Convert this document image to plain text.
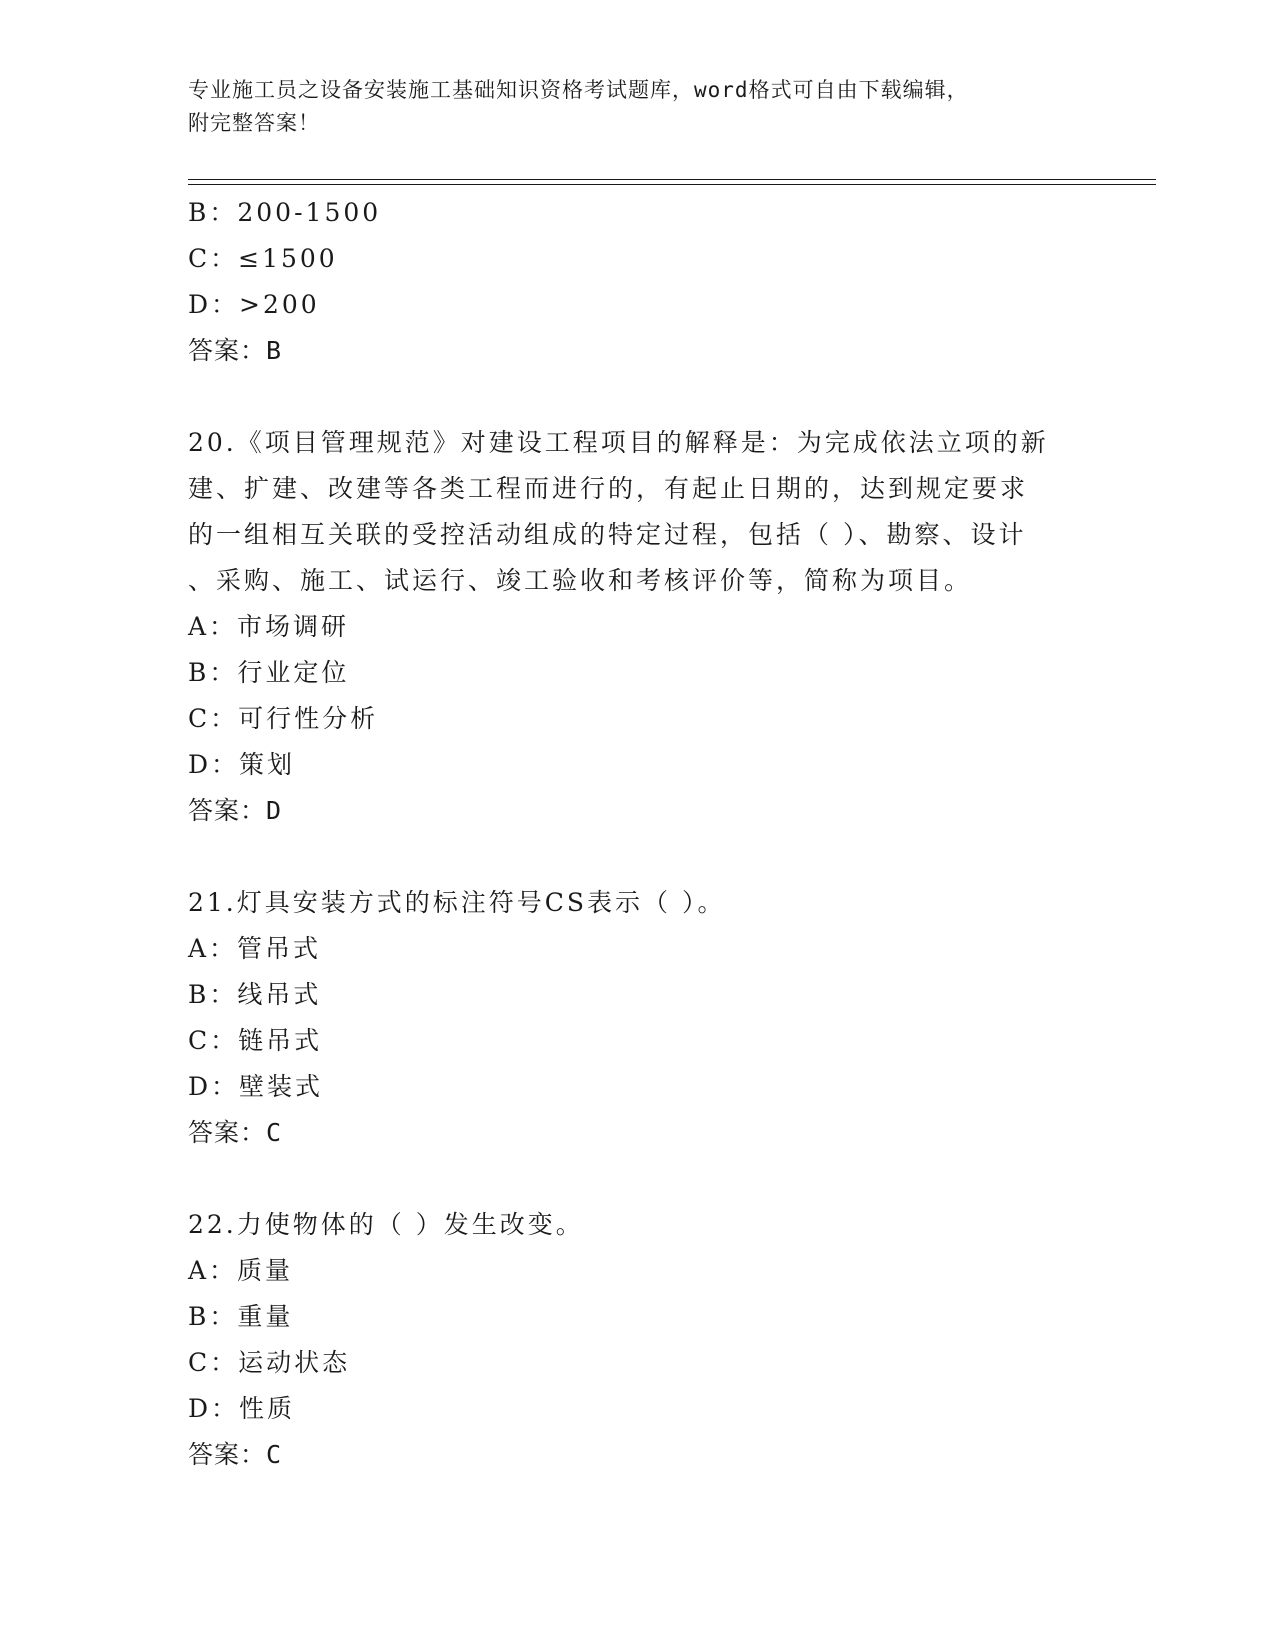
专业施工员之设备安装施工基础知识资格考试题库，word格式可自由下载编辑，
附完整答案！
B：200-1500
C：≤1500
D：>200
答案：B
20.《项目管理规范》对建设工程项目的解释是：为完成依法立项的新
建、扩建、改建等各类工程而进行的，有起止日期的，达到规定要求
的一组相互关联的受控活动组成的特定过程，包括（ ）、勘察、设计
、采购、施工、试运行、竣工验收和考核评价等，简称为项目。
A：市场调研
B：行业定位
C：可行性分析
D：策划
答案：D
21.灯具安装方式的标注符号CS表示（ ）。
A：管吊式
B：线吊式
C：链吊式
D：壁装式
答案：C
22.力使物体的（ ）发生改变。
A：质量
B：重量
C：运动状态
D：性质
答案：C
